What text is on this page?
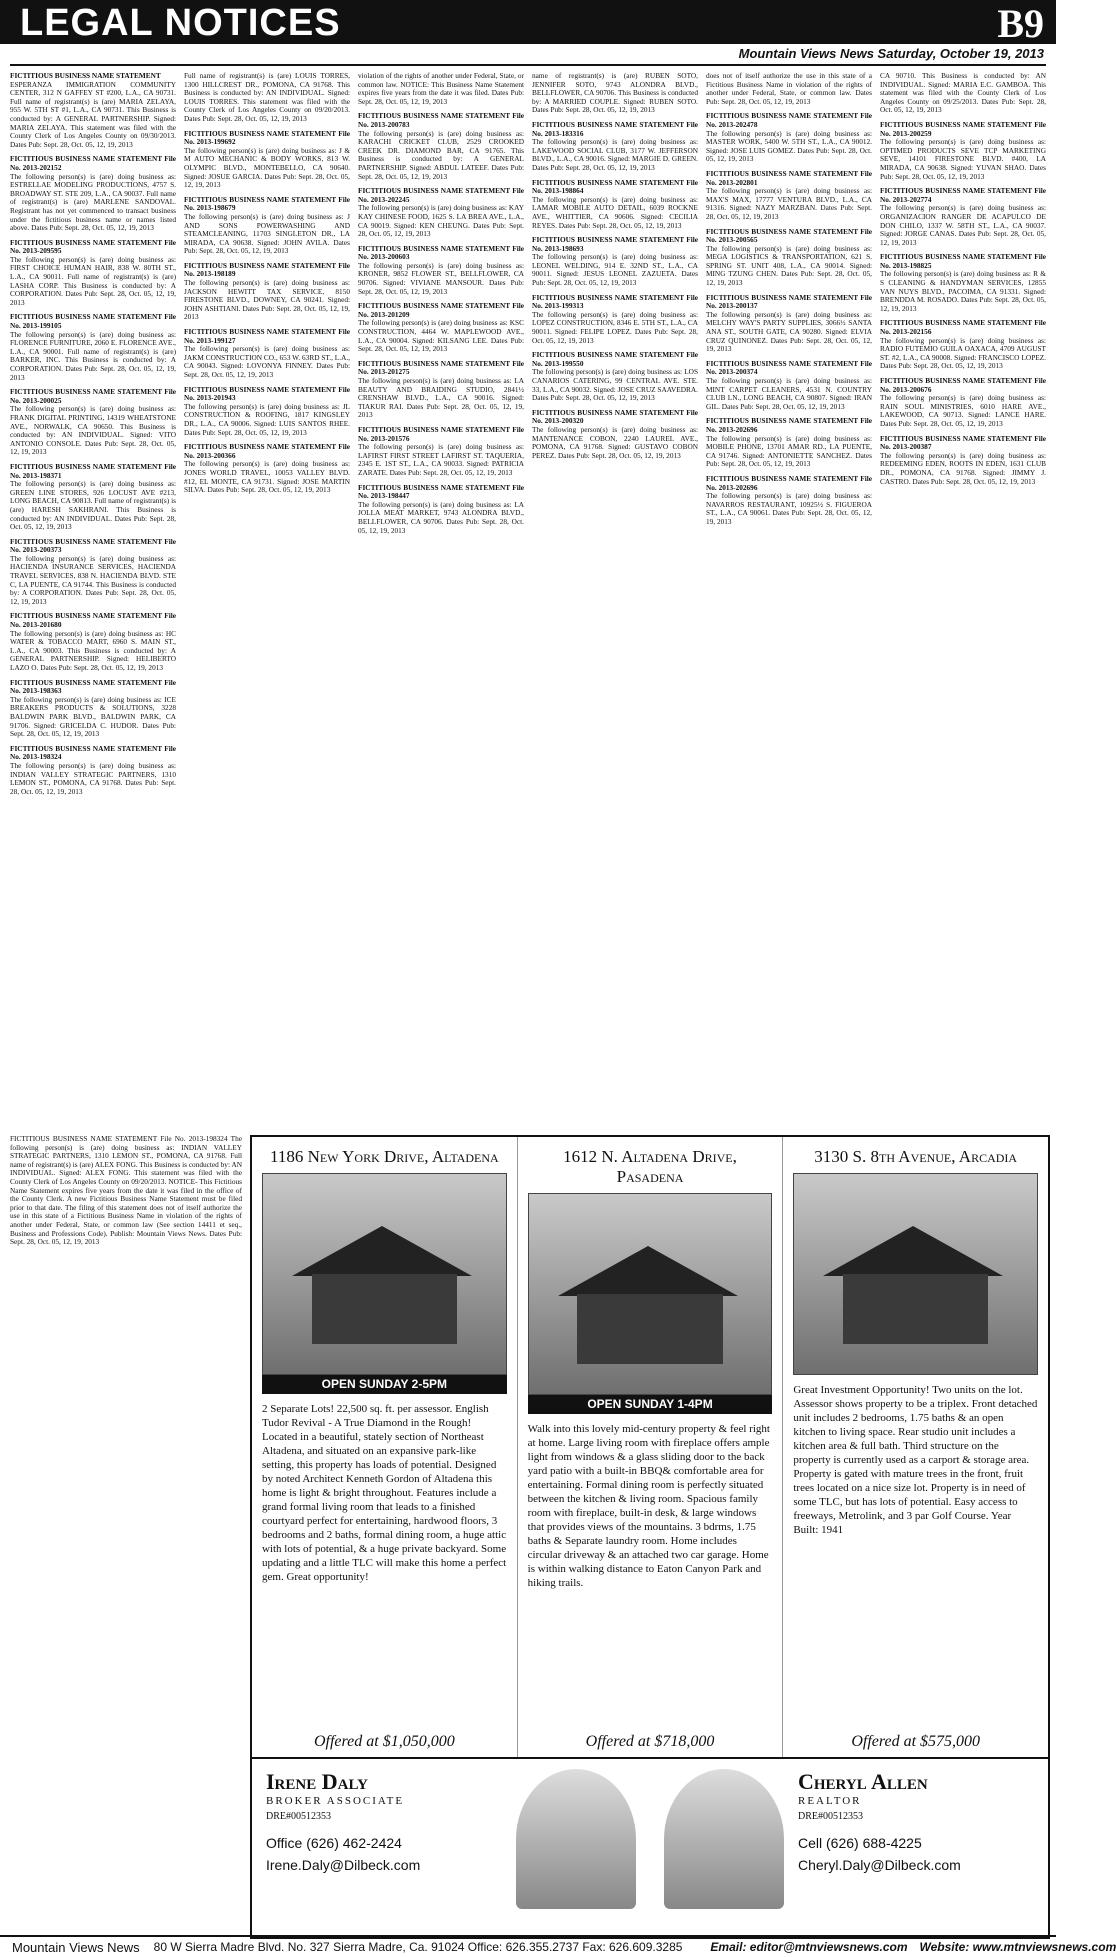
LEGAL NOTICES	B9
Mountain Views News Saturday, October 19, 2013
FICTITIOUS BUSINESS NAME STATEMENT

ESPERANZA IMMIGRATION COMMUNITY CENTER, 312 N GAFFEY ST #200, L.A., CA 90731. Full name of registrant(s) is (are) MARIA ZELAYA, 955 W. 5TH ST #1, L.A., CA 90731. This Business is conducted by: A GENERAL PARTNERSHIP. Signed: MARIA ZELAYA. This statement was filed with the County Clerk of Los Angeles County on 09/30/2013. Dates Pub: Sept. 28, Oct. 05, 12, 19, 2013

FICTITIOUS BUSINESS NAME STATEMENT File No. 2013-202152

The following person(s) is (are) doing business as: ESTRELLAE MODELING PRODUCTIONS, 4757 S. BROADWAY ST. STE 209, L.A., CA 90037. Full name of registrant(s) is (are) MARLENE SANDOVAL. Registrant has not yet commenced to transact business under the fictitious business name or names listed above. Dates Pub: Sept. 28, Oct. 05, 12, 19, 2013

FICTITIOUS BUSINESS NAME STATEMENT File No. 2013-209595

The following person(s) is (are) doing business as: FIRST CHOICE HUMAN HAIR, 838 W. 80TH ST., L.A., CA 90011. Full name of registrant(s) is (are) LASHA CORP. This Business is conducted by: A CORPORATION. Dates Pub: Sept. 28, Oct. 05, 12, 19, 2013

FICTITIOUS BUSINESS NAME STATEMENT File No. 2013-199105

The following person(s) is (are) doing business as: FLORENCE FURNITURE, 2060 E. FLORENCE AVE., L.A., CA 90001. Full name of registrant(s) is (are) BARKER, INC. This Business is conducted by: A CORPORATION. Dates Pub: Sept. 28, Oct. 05, 12, 19, 2013

FICTITIOUS BUSINESS NAME STATEMENT File No. 2013-200025

The following person(s) is (are) doing business as: FRANK DIGITAL PRINTING, 14319 WHEATSTONE AVE., NORWALK, CA 90650. This Business is conducted by: AN INDIVIDUAL. Signed: VITO ANTONIO CONSOLE. Dates Pub: Sept. 28, Oct. 05, 12, 19, 2013

FICTITIOUS BUSINESS NAME STATEMENT File No. 2013-198371

The following person(s) is (are) doing business as: GREEN LINE STORES, 926 LOCUST AVE #213, LONG BEACH, CA 90813. Full name of registrant(s) is (are) HARESH SAKHRANI. This Business is conducted by: AN INDIVIDUAL. Dates Pub: Sept. 28, Oct. 05, 12, 19, 2013

FICTITIOUS BUSINESS NAME STATEMENT File No. 2013-200373

The following person(s) is (are) doing business as: HACIENDA INSURANCE SERVICES, HACIENDA TRAVEL SERVICES, 838 N. HACIENDA BLVD. STE C, LA PUENTE, CA 91744. This Business is conducted by: A CORPORATION. Dates Pub: Sept. 28, Oct. 05, 12, 19, 2013

FICTITIOUS BUSINESS NAME STATEMENT File No. 2013-201680

The following person(s) is (are) doing business as: HC WATER & TOBACCO MART, 6960 S. MAIN ST., L.A., CA 90003. This Business is conducted by: A GENERAL PARTNERSHIP. Signed: HELIBERTO LAZO O. Dates Pub: Sept. 28, Oct. 05, 12, 19, 2013

FICTITIOUS BUSINESS NAME STATEMENT File No. 2013-198363

The following person(s) is (are) doing business as: ICE BREAKERS PRODUCTS & SOLUTIONS, 3228 BALDWIN PARK BLVD., BALDWIN PARK, CA 91706. Signed: GRICELDA C. HUDOR. Dates Pub: Sept. 28, Oct. 05, 12, 19, 2013

FICTITIOUS BUSINESS NAME STATEMENT File No. 2013-198324

The following person(s) is (are) doing business as: INDIAN VALLEY STRATEGIC PARTNERS, 1310 LEMON ST., POMONA, CA 91768. Dates Pub: Sept. 28, Oct. 05, 12, 19, 2013

Full name of registrant(s) is (are) LOUIS TORRES, 1300 HILLCREST DR., POMONA, CA 91768. This Business is conducted by: AN INDIVIDUAL. Signed: LOUIS TORRES. This statement was filed with the County Clerk of Los Angeles County on 09/20/2013. Dates Pub: Sept. 28, Oct. 05, 12, 19, 2013

FICTITIOUS BUSINESS NAME STATEMENT File No. 2013-199692

The following person(s) is (are) doing business as: J & M AUTO MECHANIC & BODY WORKS, 813 W. OLYMPIC BLVD., MONTEBELLO, CA 90640. Signed: JOSUE GARCIA. Dates Pub: Sept. 28, Oct. 05, 12, 19, 2013

FICTITIOUS BUSINESS NAME STATEMENT File No. 2013-198679

The following person(s) is (are) doing business as: J AND SONS POWERWASHING AND STEAMCLEANING, 11703 SINGLETON DR., LA MIRADA, CA 90638. Signed: JOHN AVILA. Dates Pub: Sept. 28, Oct. 05, 12, 19, 2013

FICTITIOUS BUSINESS NAME STATEMENT File No. 2013-198189

The following person(s) is (are) doing business as: JACKSON HEWITT TAX SERVICE, 8150 FIRESTONE BLVD., DOWNEY, CA 90241. Signed: JOHN ASHTIANI. Dates Pub: Sept. 28, Oct. 05, 12, 19, 2013

FICTITIOUS BUSINESS NAME STATEMENT File No. 2013-199127

The following person(s) is (are) doing business as: JAKM CONSTRUCTION CO., 653 W. 63RD ST., L.A., CA 90043. Signed: LOVONYA FINNEY. Dates Pub: Sept. 28, Oct. 05, 12, 19, 2013

FICTITIOUS BUSINESS NAME STATEMENT File No. 2013-201943

The following person(s) is (are) doing business as: JL CONSTRUCTION & ROOFING, 1817 KINGSLEY DR., L.A., CA 90006. Signed: LUIS SANTOS RHEE. Dates Pub: Sept. 28, Oct. 05, 12, 19, 2013

FICTITIOUS BUSINESS NAME STATEMENT File No. 2013-200366

The following person(s) is (are) doing business as: JONES WORLD TRAVEL, 10053 VALLEY BLVD. #12, EL MONTE, CA 91731. Signed: JOSE MARTIN SILVA. Dates Pub: Sept. 28, Oct. 05, 12, 19, 2013

violation of the rights of another under Federal, State, or common law. NOTICE: This Business Name Statement expires five years from the date it was filed. Dates Pub: Sept. 28, Oct. 05, 12, 19, 2013

FICTITIOUS BUSINESS NAME STATEMENT File No. 2013-200783

The following person(s) is (are) doing business as: KARACHI CRICKET CLUB, 2529 CROOKED CREEK DR. DIAMOND BAR, CA 91765. This Business is conducted by: A GENERAL PARTNERSHIP. Signed: ABDUL LATEEF. Dates Pub: Sept. 28, Oct. 05, 12, 19, 2013

FICTITIOUS BUSINESS NAME STATEMENT File No. 2013-202245

The following person(s) is (are) doing business as: KAY KAY CHINESE FOOD, 1625 S. LA BREA AVE., L.A., CA 90019. Signed: KEN CHEUNG. Dates Pub: Sept. 28, Oct. 05, 12, 19, 2013

FICTITIOUS BUSINESS NAME STATEMENT File No. 2013-200603

The following person(s) is (are) doing business as: KRONER, 9852 FLOWER ST., BELLFLOWER, CA 90706. Signed: VIVIANE MANSOUR. Dates Pub: Sept. 28, Oct. 05, 12, 19, 2013

FICTITIOUS BUSINESS NAME STATEMENT File No. 2013-201209

The following person(s) is (are) doing business as: KSC CONSTRUCTION, 4464 W. MAPLEWOOD AVE., L.A., CA 90004. Signed: KILSANG LEE. Dates Pub: Sept. 28, Oct. 05, 12, 19, 2013

FICTITIOUS BUSINESS NAME STATEMENT File No. 2013-201275

The following person(s) is (are) doing business as: LA BEAUTY AND BRAIDING STUDIO, 2841½ CRENSHAW BLVD., L.A., CA 90016. Signed: TIAKUR RAI. Dates Pub: Sept. 28, Oct. 05, 12, 19, 2013

FICTITIOUS BUSINESS NAME STATEMENT File No. 2013-201576

The following person(s) is (are) doing business as: LAFIRST FIRST STREET LAFIRST ST. TAQUERIA, 2345 E. 1ST ST., L.A., CA 90033. Signed: PATRICIA ZARATE. Dates Pub: Sept. 28, Oct. 05, 12, 19, 2013

FICTITIOUS BUSINESS NAME STATEMENT File No. 2013-198447

The following person(s) is (are) doing business as: LA JOLLA MEAT MARKET, 9743 ALONDRA BLVD., BELLFLOWER, CA 90706. Dates Pub: Sept. 28, Oct. 05, 12, 19, 2013

name of registrant(s) is (are) RUBEN SOTO, JENNIFER SOTO, 9743 ALONDRA BLVD., BELLFLOWER, CA 90706. This Business is conducted by: A MARRIED COUPLE. Signed: RUBEN SOTO. Dates Pub: Sept. 28, Oct. 05, 12, 19, 2013

FICTITIOUS BUSINESS NAME STATEMENT File No. 2013-183316

The following person(s) is (are) doing business as: LAKEWOOD SOCIAL CLUB, 3177 W. JEFFERSON BLVD., L.A., CA 90016. Signed: MARGIE D. GREEN. Dates Pub: Sept. 28, Oct. 05, 12, 19, 2013

FICTITIOUS BUSINESS NAME STATEMENT File No. 2013-198864

The following person(s) is (are) doing business as: LAMAR MOBILE AUTO DETAIL, 6039 ROCKNE AVE., WHITTIER, CA 90606. Signed: CECILIA REYES. Dates Pub: Sept. 28, Oct. 05, 12, 19, 2013

FICTITIOUS BUSINESS NAME STATEMENT File No. 2013-198693

The following person(s) is (are) doing business as: LEONEL WELDING, 914 E. 32ND ST., L.A., CA 90011. Signed: JESUS LEONEL ZAZUETA. Dates Pub: Sept. 28, Oct. 05, 12, 19, 2013

FICTITIOUS BUSINESS NAME STATEMENT File No. 2013-199313

The following person(s) is (are) doing business as: LOPEZ CONSTRUCTION, 8346 E. 5TH ST., L.A., CA 90011. Signed: FELIPE LOPEZ. Dates Pub: Sept. 28, Oct. 05, 12, 19, 2013

FICTITIOUS BUSINESS NAME STATEMENT File No. 2013-199550

The following person(s) is (are) doing business as: LOS CANARIOS CATERING, 99 CENTRAL AVE. STE. 33, L.A., CA 90032. Signed: JOSE CRUZ SAAVEDRA. Dates Pub: Sept. 28, Oct. 05, 12, 19, 2013

FICTITIOUS BUSINESS NAME STATEMENT File No. 2013-200320

The following person(s) is (are) doing business as: MANTENANCE COBON, 2240 LAUREL AVE., POMONA, CA 91768. Signed: GUSTAVO COBON PEREZ. Dates Pub: Sept. 28, Oct. 05, 12, 19, 2013

does not of itself authorize the use in this state of a Fictitious Business Name in violation of the rights of another under Federal, State, or common law. Dates Pub: Sept. 28, Oct. 05, 12, 19, 2013

FICTITIOUS BUSINESS NAME STATEMENT File No. 2013-202478

The following person(s) is (are) doing business as: MASTER WORK, 5400 W. 5TH ST., L.A., CA 90012. Signed: JOSE LUIS GOMEZ. Dates Pub: Sept. 28, Oct. 05, 12, 19, 2013

FICTITIOUS BUSINESS NAME STATEMENT File No. 2013-202801

The following person(s) is (are) doing business as: MAX'S MAX, 17777 VENTURA BLVD., L.A., CA 91316. Signed: NAZY MARZBAN. Dates Pub: Sept. 28, Oct. 05, 12, 19, 2013

FICTITIOUS BUSINESS NAME STATEMENT File No. 2013-200565

The following person(s) is (are) doing business as: MEGA LOGISTICS & TRANSPORTATION, 621 S. SPRING ST. UNIT 408, L.A., CA 90014. Signed: MING TZUNG CHEN. Dates Pub: Sept. 28, Oct. 05, 12, 19, 2013

FICTITIOUS BUSINESS NAME STATEMENT File No. 2013-200137

The following person(s) is (are) doing business as: MELCHY WAY'S PARTY SUPPLIES, 3066½ SANTA ANA ST., SOUTH GATE, CA 90280. Signed: ELVIA CRUZ QUINONEZ. Dates Pub: Sept. 28, Oct. 05, 12, 19, 2013

FICTITIOUS BUSINESS NAME STATEMENT File No. 2013-200374

The following person(s) is (are) doing business as: MINT CARPET CLEANERS, 4531 N. COUNTRY CLUB LN., LONG BEACH, CA 90807. Signed: IRAN GIL. Dates Pub: Sept. 28, Oct. 05, 12, 19, 2013

FICTITIOUS BUSINESS NAME STATEMENT File No. 2013-202696

The following person(s) is (are) doing business as: MOBILE PHONE, 13701 AMAR RD., LA PUENTE, CA 91746. Signed: ANTONIETTE SANCHEZ. Dates Pub: Sept. 28, Oct. 05, 12, 19, 2013

FICTITIOUS BUSINESS NAME STATEMENT File No. 2013-202696

The following person(s) is (are) doing business as: NAVARROS RESTAURANT, 10925½ S. FIGUEROA ST., L.A., CA 90061. Dates Pub: Sept. 28, Oct. 05, 12, 19, 2013

CA 90710. This Business is conducted by: AN INDIVIDUAL. Signed: MARIA E.C. GAMBOA. This statement was filed with the County Clerk of Los Angeles County on 09/25/2013. Dates Pub: Sept. 28, Oct. 05, 12, 19, 2013

FICTITIOUS BUSINESS NAME STATEMENT File No. 2013-200259

The following person(s) is (are) doing business as: OPTIMED PRODUCTS SEVE TCP MARKETING SEVE, 14101 FIRESTONE BLVD. #400, LA MIRADA, CA 90638. Signed: YUVAN SHAO. Dates Pub: Sept. 28, Oct. 05, 12, 19, 2013

FICTITIOUS BUSINESS NAME STATEMENT File No. 2013-202774

The following person(s) is (are) doing business as: ORGANIZACION RANGER DE ACAPULCO DE DON CHILO, 1337 W. 58TH ST., L.A., CA 90037. Signed: JORGE CANAS. Dates Pub: Sept. 28, Oct. 05, 12, 19, 2013

FICTITIOUS BUSINESS NAME STATEMENT File No. 2013-198825

The following person(s) is (are) doing business as: R & S CLEANING & HANDYMAN SERVICES, 12855 VAN NUYS BLVD., PACOIMA, CA 91331. Signed: BRENDDA M. ROSADO. Dates Pub: Sept. 28, Oct. 05, 12, 19, 2013

FICTITIOUS BUSINESS NAME STATEMENT File No. 2013-202156

The following person(s) is (are) doing business as: RADIO FUTEMIO GUILA OAXACA, 4709 AUGUST ST. #2, L.A., CA 90008. Signed: FRANCISCO LOPEZ. Dates Pub: Sept. 28, Oct. 05, 12, 19, 2013

FICTITIOUS BUSINESS NAME STATEMENT File No. 2013-200676

The following person(s) is (are) doing business as: RAIN SOUL MINISTRIES, 6010 HARE AVE., LAKEWOOD, CA 90713. Signed: LANCE HARE. Dates Pub: Sept. 28, Oct. 05, 12, 19, 2013

FICTITIOUS BUSINESS NAME STATEMENT File No. 2013-200387

The following person(s) is (are) doing business as: REDEEMING EDEN, ROOTS IN EDEN, 1631 CLUB DR., POMONA, CA 91768. Signed: JIMMY J. CASTRO. Dates Pub: Sept. 28, Oct. 05, 12, 19, 2013

FICTITIOUS BUSINESS NAME STATEMENT File No. 2013-198324 The following person(s) is (are) doing business as: INDIAN VALLEY STRATEGIC PARTNERS, 1310 LEMON ST., POMONA, CA 91768. Full name of registrant(s) is (are) ALEX FONG. This Business is conducted by: AN INDIVIDUAL. Signed: ALEX FONG. This statement was filed with the County Clerk of Los Angeles County on 09/20/2013. NOTICE- This Fictitious Name Statement expires five years from the date it was filed in the office of the County Clerk. A new Fictitious Business Name Statement must be filed prior to that date. The filing of this statement does not of itself authorize the use in this state of a Fictitious Business Name in violation of the rights of another under Federal, State, or common law (See section 14411 et seq., Business and Professions Code). Publish: Mountain Views News. Dates Pub: Sept. 28, Oct. 05, 12, 19, 2013
1186 New York Drive, Altadena
OPEN SUNDAY 2-5PM
2 Separate Lots! 22,500 sq. ft. per assessor. English Tudor Revival - A True Diamond in the Rough! Located in a beautiful, stately section of Northeast Altadena, and situated on an expansive park-like setting, this property has loads of potential. Designed by noted Architect Kenneth Gordon of Altadena this home is light & bright throughout. Features include a grand formal living room that leads to a finished courtyard perfect for entertaining, hardwood floors, 3 bedrooms and 2 baths, formal dining room, a huge attic with lots of potential, & a huge private backyard. Some updating and a little TLC will make this home a perfect gem. Great opportunity!
Offered at $1,050,000
1612 N. Altadena Drive, Pasadena
OPEN SUNDAY 1-4PM
Walk into this lovely mid-century property & feel right at home. Large living room with fireplace offers ample light from windows & a glass sliding door to the back yard patio with a built-in BBQ& comfortable area for entertaining. Formal dining room is perfectly situated between the kitchen & living room. Spacious family room with fireplace, built-in desk, & large windows that provides views of the mountains. 3 bdrms, 1.75 baths & Separate laundry room. Home includes circular driveway & an attached two car garage. Home is within walking distance to Eaton Canyon Park and hiking trails.
Offered at $718,000
3130 S. 8th Avenue, Arcadia
Great Investment Opportunity! Two units on the lot. Assessor shows property to be a triplex. Front detached unit includes 2 bedrooms, 1.75 baths & an open kitchen to living space. Rear studio unit includes a kitchen area & full bath. Third structure on the property is currently used as a carport & storage area. Property is gated with mature trees in the front, fruit trees located on a nice size lot. Property is in need of some TLC, but has lots of potential. Easy access to freeways, Metrolink, and 3 par Golf Course. Year Built: 1941
Offered at $575,000
Irene Daly
BROKER ASSOCIATE
DRE#00512353
Office (626) 462-2424
Irene.Daly@Dilbeck.com
Cheryl Allen
REALTOR
DRE#00512353
Cell (626) 688-4225
Cheryl.Daly@Dilbeck.com
Mountain Views News 80 W Sierra Madre Blvd. No. 327 Sierra Madre, Ca. 91024 Office: 626.355.2737 Fax: 626.609.3285 Email: editor@mtnviewsnews.com Website: www.mtnviewsnews.com
